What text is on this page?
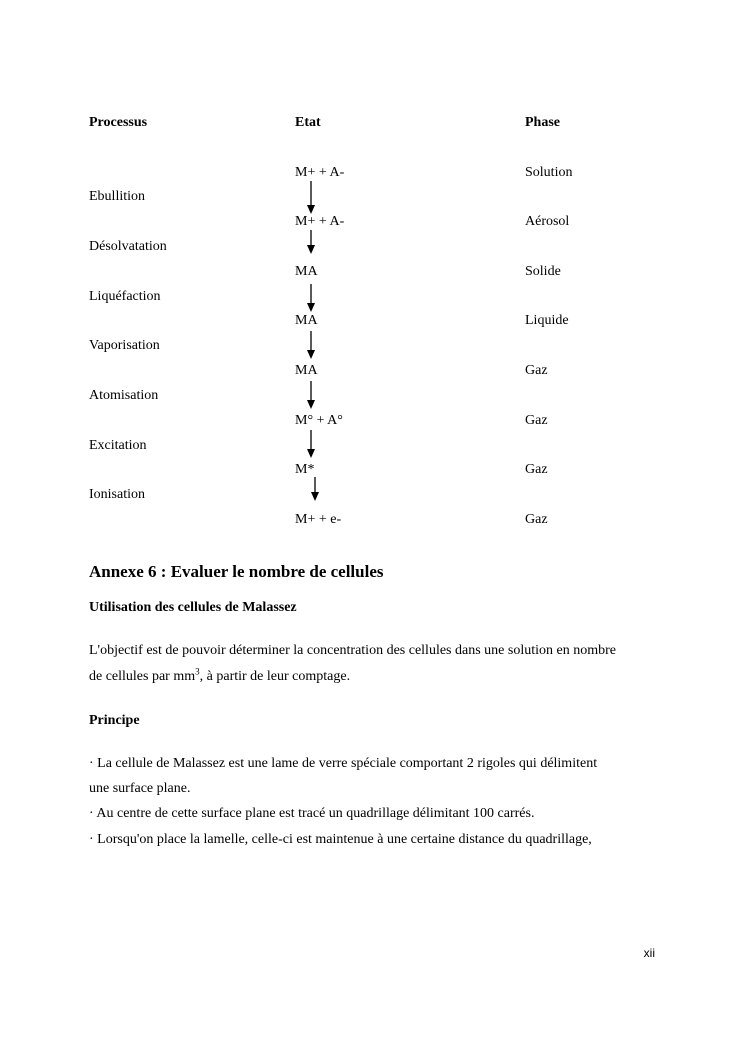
Processus	Etat	Phase
M+ + A-
M+ + A-
MA
MA
MA
M° + A°
M*
M+ + e-
Solution
Aérosol
Solide
Liquide
Gaz
Gaz
Gaz
Gaz
Ebullition
Désolvatation
Liquéfaction
Vaporisation
Atomisation
Excitation
Ionisation
Annexe 6 : Evaluer le nombre de cellules
Utilisation des cellules de Malassez
L'objectif est de pouvoir déterminer la concentration des cellules dans une solution en nombre
de cellules par $mm^3$, à partir de leur comptage.
Principe
· La cellule de Malassez est une lame de verre spéciale comportant 2 rigoles qui délimitent
une surface plane.
· Au centre de cette surface plane est tracé un quadrillage délimitant 100 carrés.
· Lorsqu'on place la lamelle, celle-ci est maintenue à une certaine distance du quadrillage,
xii
